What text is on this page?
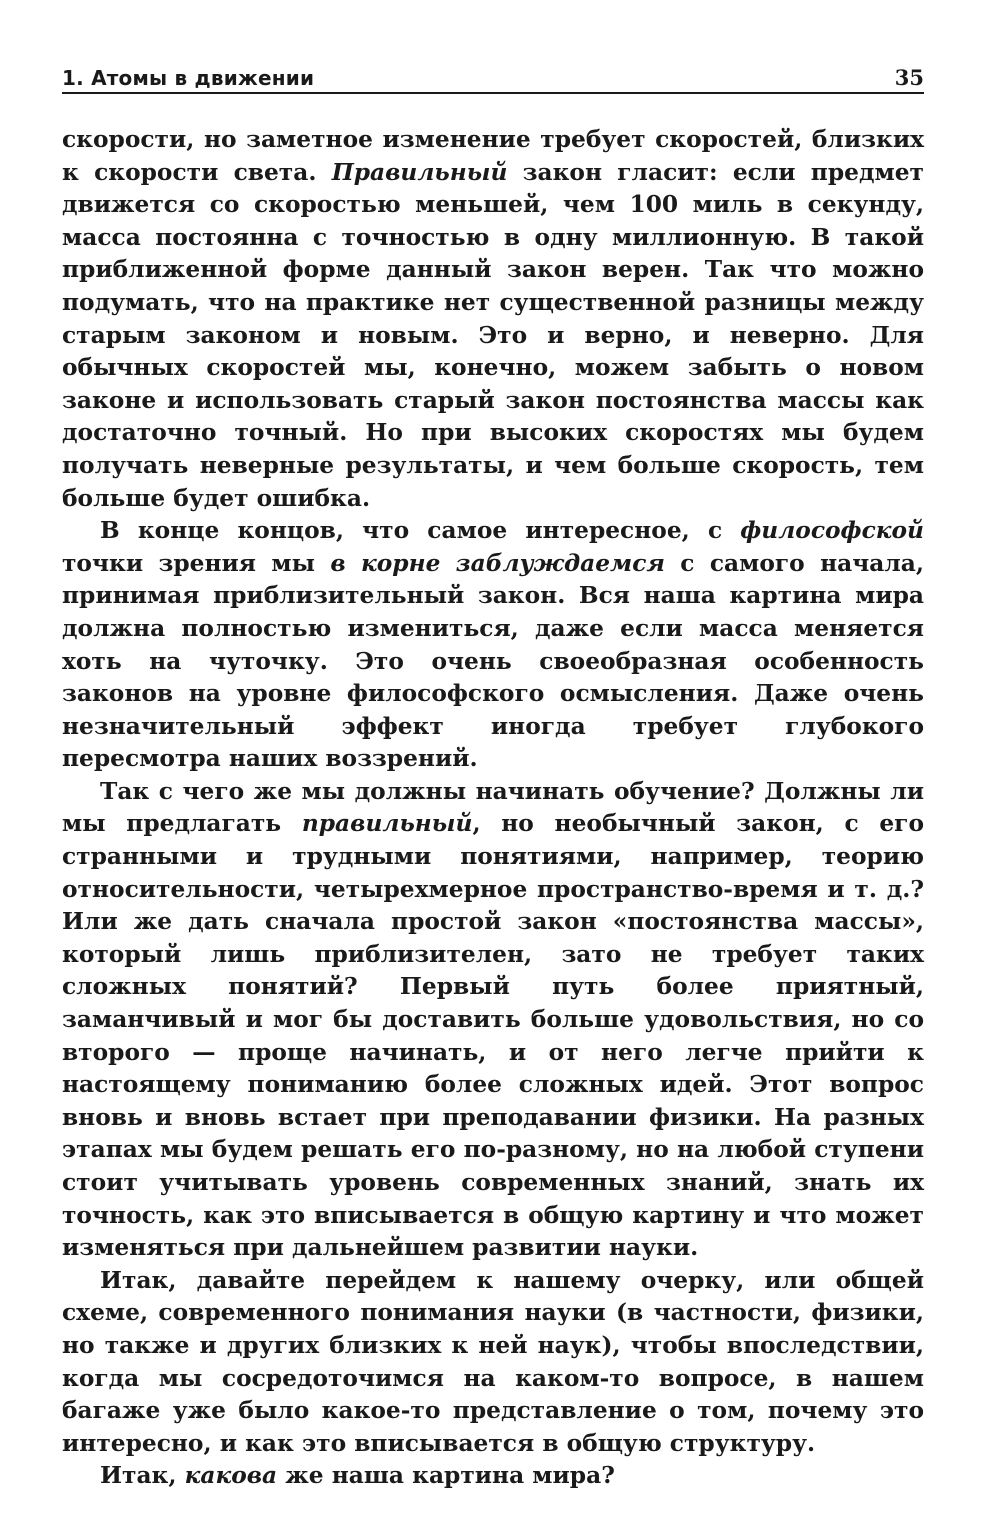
1. Атомы в движении	35

скорости, но заметное изменение требует скоростей, близких к скорости света. Правильный закон гласит: если предмет движется со скоростью меньшей, чем 100 миль в секунду, масса постоянна с точностью в одну миллионную. В такой приближенной форме данный закон верен. Так что можно подумать, что на практике нет существенной разницы между старым законом и новым. Это и верно, и неверно. Для обычных скоростей мы, конечно, можем забыть о новом законе и использовать старый закон постоянства массы как достаточно точный. Но при высоких скоростях мы будем получать неверные результаты, и чем больше скорость, тем больше будет ошибка.

В конце концов, что самое интересное, с философской точки зрения мы в корне заблуждаемся с самого начала, принимая приблизительный закон. Вся наша картина мира должна полностью измениться, даже если масса меняется хоть на чуточку. Это очень своеобразная особенность законов на уровне философского осмысления. Даже очень незначительный эффект иногда требует глубокого пересмотра наших воззрений.

Так с чего же мы должны начинать обучение? Должны ли мы предлагать правильный, но необычный закон, с его странными и трудными понятиями, например, теорию относительности, четырехмерное пространство-время и т. д.? Или же дать сначала простой закон «постоянства массы», который лишь приблизителен, зато не требует таких сложных понятий? Первый путь более приятный, заманчивый и мог бы доставить больше удовольствия, но со второго — проще начинать, и от него легче прийти к настоящему пониманию более сложных идей. Этот вопрос вновь и вновь встает при преподавании физики. На разных этапах мы будем решать его по-разному, но на любой ступени стоит учитывать уровень современных знаний, знать их точность, как это вписывается в общую картину и что может изменяться при дальнейшем развитии науки.

Итак, давайте перейдем к нашему очерку, или общей схеме, современного понимания науки (в частности, физики, но также и других близких к ней наук), чтобы впоследствии, когда мы сосредоточимся на каком-то вопросе, в нашем багаже уже было какое-то представление о том, почему это интересно, и как это вписывается в общую структуру.

Итак, какова же наша картина мира?
